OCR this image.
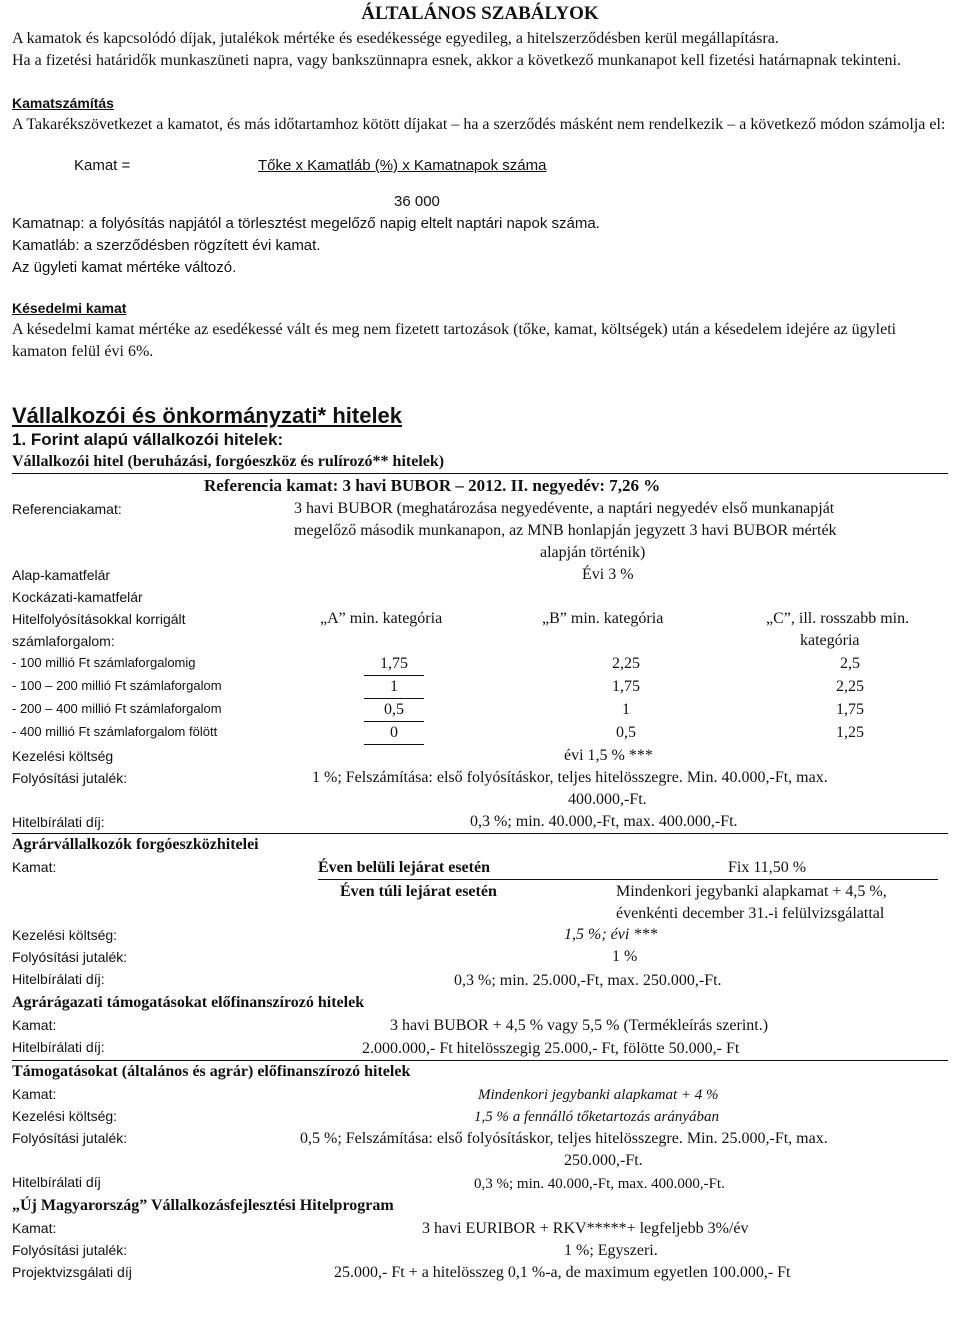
ÁLTALÁNOS SZABÁLYOK

A kamatok és kapcsolódó díjak, jutalékok mértéke és esedékessége egyedileg, a hitelszerződésben kerül megállapításra.

Ha a fizetési határidők munkaszüneti napra, vagy bankszünnapra esnek, akkor a következő munkanapot kell fizetési határnapnak tekinteni.

Kamatszámítás

A Takarékszövetkezet a kamatot, és más időtartamhoz kötött díjakat – ha a szerződés másként nem rendelkezik – a következő módon számolja el:

Kamat =	Tőke x Kamatláb (%) x Kamatnapok száma
36 000
Kamatnap: a folyósítás napjától a törlesztést megelőző napig eltelt naptári napok száma.
Kamatláb: a szerződésben rögzített évi kamat.
Az ügyleti kamat mértéke változó.
Késedelmi kamat

A késedelmi kamat mértéke az esedékessé vált és meg nem fizetett tartozások (tőke, kamat, költségek) után a késedelem idejére az ügyleti kamaton felül évi 6%.

Vállalkozói és önkormányzati* hitelek
1. Forint alapú vállalkozói hitelek:
Vállalkozói hitel (beruházási, forgóeszköz és rulírozó** hitelek)
Referencia kamat: 3 havi BUBOR – 2012. II. negyedév: 7,26 %
Referenciakamat:	3 havi BUBOR (meghatározása negyedévente, a naptári negyedév első munkanapját
megelőző második munkanapon, az MNB honlapján jegyzett 3 havi BUBOR mérték
alapján történik)
Alap-kamatfelár	Évi 3 %
Kockázati-kamatfelár
Hitelfolyósításokkal korrigált
számlaforgalom:
„A” min. kategória	„B” min. kategória	„C”, ill. rosszabb min.
kategória
- 100 millió Ft számlaforgalomig	1,75	2,25	2,5
- 100 – 200 millió Ft számlaforgalom	1	1,75	2,25
- 200 – 400 millió Ft számlaforgalom	0,5	1	1,75
- 400 millió Ft számlaforgalom fölött	0	0,5	1,25
Kezelési költség	évi 1,5 % ***
Folyósítási jutalék:	1 %; Felszámítása: első folyósításkor, teljes hitelösszegre. Min. 40.000,-Ft, max.
400.000,-Ft.
Hitelbírálati díj:	0,3 %; min. 40.000,-Ft, max. 400.000,-Ft.
Agrárvállalkozók forgóeszközhitelei
Kamat:	Éven belüli lejárat esetén	Fix 11,50 %
Éven túli lejárat esetén	Mindenkori jegybanki alapkamat + 4,5 %,
évenkénti december 31.-i felülvizsgálattal
Kezelési költség:	1,5 %; évi ***
Folyósítási jutalék:	1 %
Hitelbírálati díj:	0,3 %; min. 25.000,-Ft, max. 250.000,-Ft.
Agrárágazati támogatásokat előfinanszírozó hitelek
Kamat:	3 havi BUBOR + 4,5 % vagy 5,5 % (Termékleírás szerint.)
Hitelbírálati díj:	2.000.000,- Ft hitelösszegig 25.000,- Ft, fölötte 50.000,- Ft
Támogatásokat (általános és agrár) előfinanszírozó hitelek
Kamat:	Mindenkori jegybanki alapkamat + 4 %
Kezelési költség:	1,5 % a fennálló tőketartozás arányában
Folyósítási jutalék:	0,5 %; Felszámítása: első folyósításkor, teljes hitelösszegre. Min. 25.000,-Ft, max.
250.000,-Ft.
Hitelbírálati díj	0,3 %; min. 40.000,-Ft, max. 400.000,-Ft.
„Új Magyarország” Vállalkozásfejlesztési Hitelprogram
Kamat:	3 havi EURIBOR + RKV*****+ legfeljebb 3%/év
Folyósítási jutalék:	1 %; Egyszeri.
Projektvizsgálati díj	25.000,- Ft + a hitelösszeg 0,1 %-a, de maximum egyetlen 100.000,- Ft
